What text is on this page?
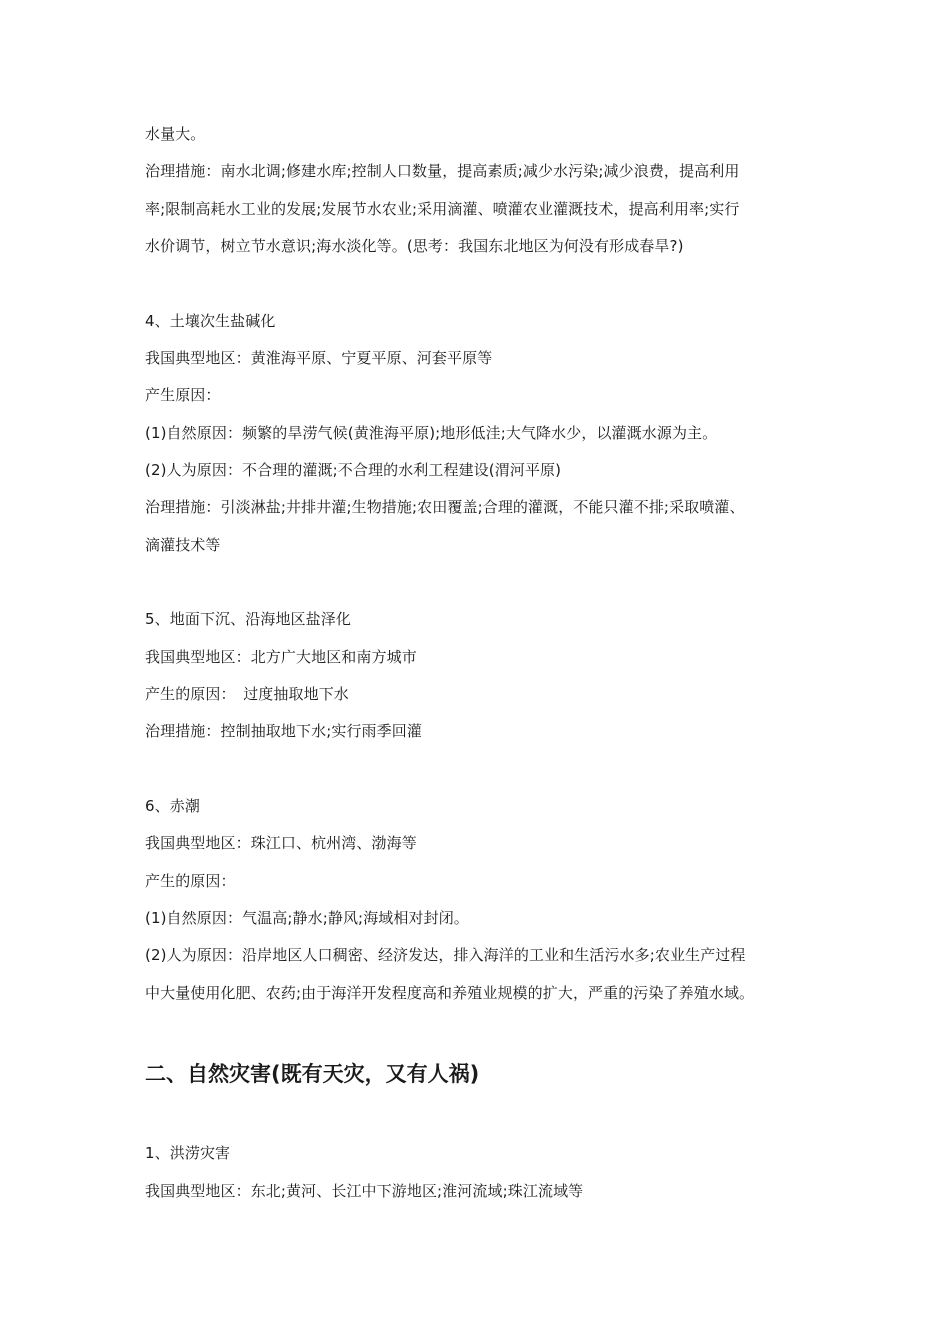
水量大。
治理措施：南水北调;修建水库;控制人口数量，提高素质;减少水污染;减少浪费，提高利用
率;限制高耗水工业的发展;发展节水农业;采用滴灌、喷灌农业灌溉技术，提高利用率;实行
水价调节，树立节水意识;海水淡化等。(思考：我国东北地区为何没有形成春旱?)
4、土壤次生盐碱化
我国典型地区：黄淮海平原、宁夏平原、河套平原等
产生原因：
(1)自然原因：频繁的旱涝气候(黄淮海平原);地形低洼;大气降水少，以灌溉水源为主。
(2)人为原因：不合理的灌溉;不合理的水利工程建设(渭河平原)
治理措施：引淡淋盐;井排井灌;生物措施;农田覆盖;合理的灌溉，不能只灌不排;采取喷灌、
滴灌技术等
5、地面下沉、沿海地区盐泽化
我国典型地区：北方广大地区和南方城市
产生的原因：　过度抽取地下水
治理措施：控制抽取地下水;实行雨季回灌
6、赤潮
我国典型地区：珠江口、杭州湾、渤海等
产生的原因：
(1)自然原因：气温高;静水;静风;海域相对封闭。
(2)人为原因：沿岸地区人口稠密、经济发达，排入海洋的工业和生活污水多;农业生产过程
中大量使用化肥、农药;由于海洋开发程度高和养殖业规模的扩大，严重的污染了养殖水域。
二、自然灾害(既有天灾，又有人祸)
1、洪涝灾害
我国典型地区：东北;黄河、长江中下游地区;淮河流域;珠江流域等
